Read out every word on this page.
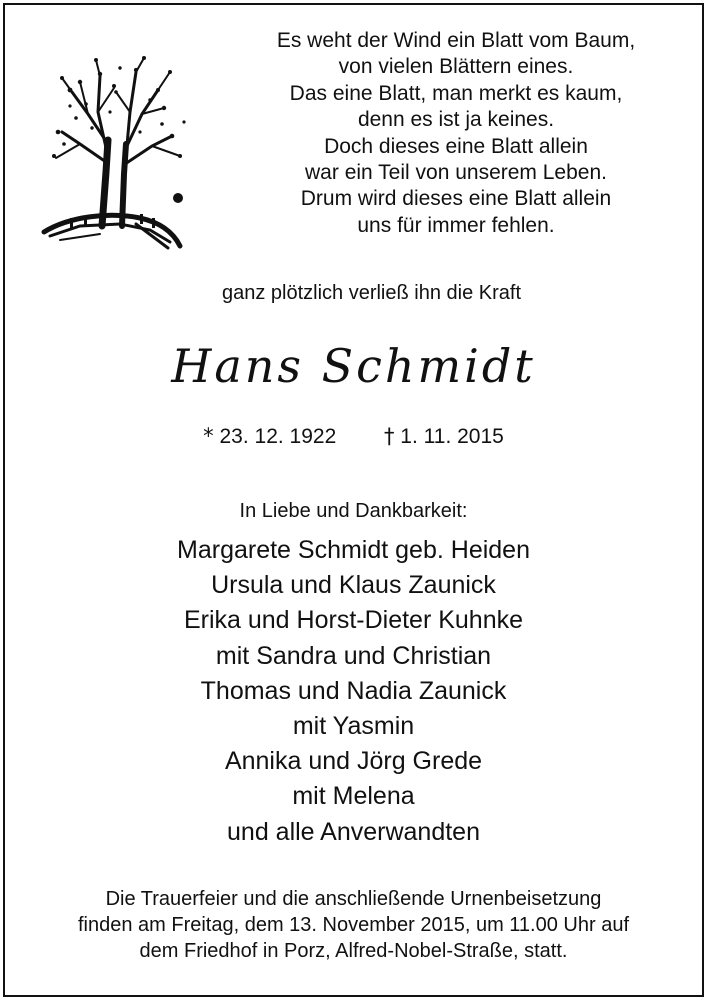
Es weht der Wind ein Blatt vom Baum,
von vielen Blättern eines.
Das eine Blatt, man merkt es kaum,
denn es ist ja keines.
Doch dieses eine Blatt allein
war ein Teil von unserem Leben.
Drum wird dieses eine Blatt allein
uns für immer fehlen.
ganz plötzlich verließ ihn die Kraft
Hans Schmidt
* 23. 12. 1922 † 1. 11. 2015
In Liebe und Dankbarkeit:
Margarete Schmidt geb. Heiden
Ursula und Klaus Zaunick
Erika und Horst-Dieter Kuhnke
mit Sandra und Christian
Thomas und Nadia Zaunick
mit Yasmin
Annika und Jörg Grede
mit Melena
und alle Anverwandten
Die Trauerfeier und die anschließende Urnenbeisetzung
finden am Freitag, dem 13. November 2015, um 11.00 Uhr auf
dem Friedhof in Porz, Alfred-Nobel-Straße, statt.
